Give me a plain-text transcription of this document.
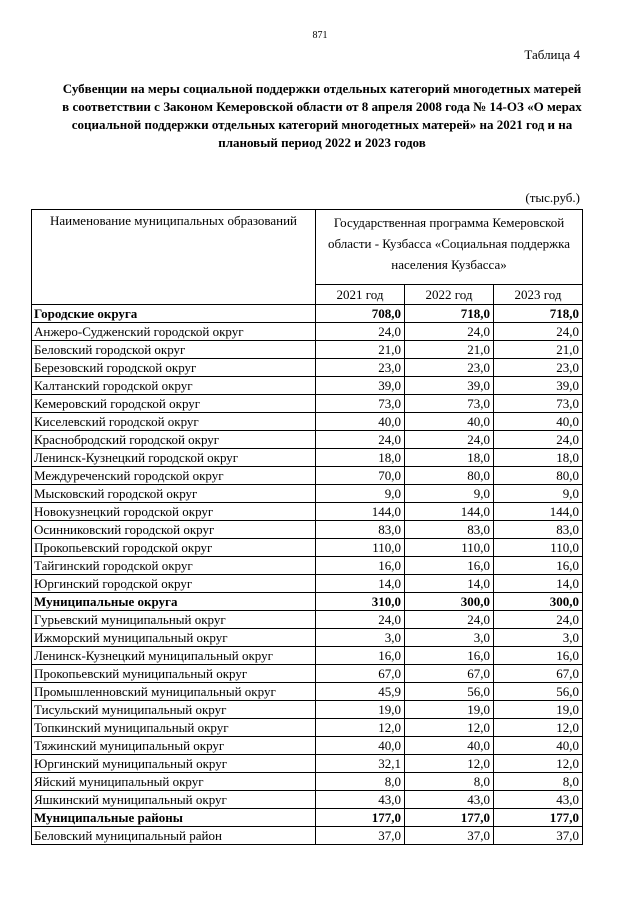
871
Таблица 4
Субвенции на меры социальной поддержки отдельных категорий многодетных матерей в соответствии с Законом Кемеровской области от 8 апреля 2008 года № 14-ОЗ «О мерах социальной поддержки отдельных категорий многодетных матерей» на 2021 год и на плановый период 2022 и 2023 годов
(тыс.руб.)
Наименование муниципальных образований	Государственная программа Кемеровской области - Кузбасса «Социальная поддержка населения Кузбасса»		
	2021 год	2022 год	2023 год
Городские округа	708,0	718,0	718,0
Анжеро-Судженский городской округ	24,0	24,0	24,0
Беловский городской округ	21,0	21,0	21,0
Березовский городской округ	23,0	23,0	23,0
Калтанский городской округ	39,0	39,0	39,0
Кемеровский городской округ	73,0	73,0	73,0
Киселевский городской округ	40,0	40,0	40,0
Краснобродский городской округ	24,0	24,0	24,0
Ленинск-Кузнецкий городской округ	18,0	18,0	18,0
Междуреченский городской округ	70,0	80,0	80,0
Мысковский городской округ	9,0	9,0	9,0
Новокузнецкий городской округ	144,0	144,0	144,0
Осинниковский городской округ	83,0	83,0	83,0
Прокопьевский городской округ	110,0	110,0	110,0
Тайгинский городской округ	16,0	16,0	16,0
Юргинский городской округ	14,0	14,0	14,0
Муниципальные округа	310,0	300,0	300,0
Гурьевский муниципальный округ	24,0	24,0	24,0
Ижморский муниципальный округ	3,0	3,0	3,0
Ленинск-Кузнецкий муниципальный округ	16,0	16,0	16,0
Прокопьевский муниципальный округ	67,0	67,0	67,0
Промышленновский муниципальный округ	45,9	56,0	56,0
Тисульский муниципальный округ	19,0	19,0	19,0
Топкинский муниципальный округ	12,0	12,0	12,0
Тяжинский муниципальный округ	40,0	40,0	40,0
Юргинский муниципальный округ	32,1	12,0	12,0
Яйский муниципальный округ	8,0	8,0	8,0
Яшкинский муниципальный округ	43,0	43,0	43,0
Муниципальные районы	177,0	177,0	177,0
Беловский муниципальный район	37,0	37,0	37,0
